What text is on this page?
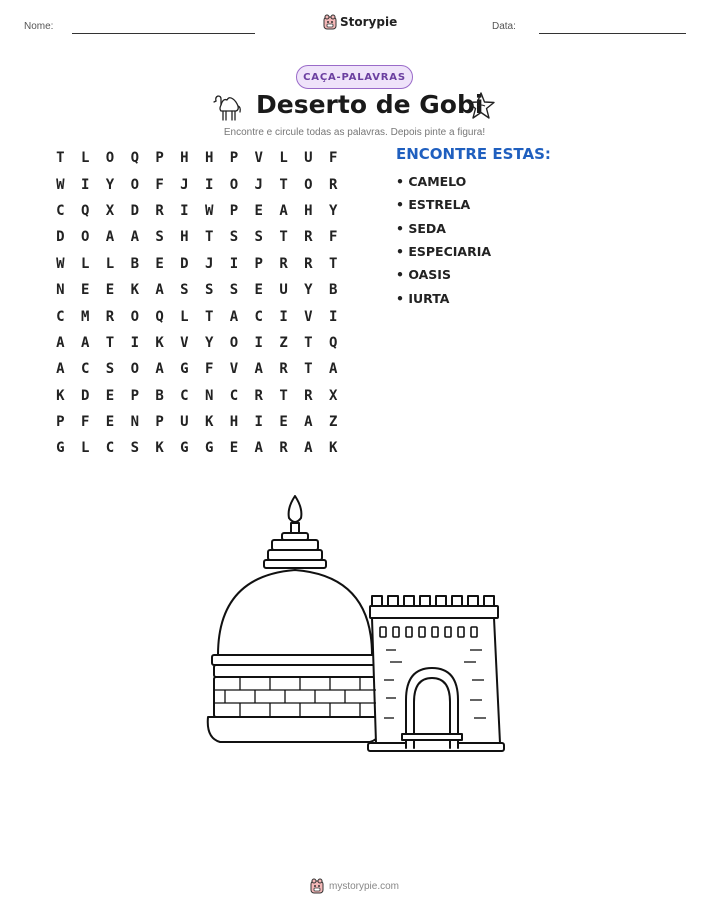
Nome:	Storypie	Data:
CAÇA-PALAVRAS
Deserto de Gobi
Encontre e circule todas as palavras. Depois pinte a figura!
T	L	O	Q	P	H	H	P	V	L	U	F
W	I	Y	O	F	J	I	O	J	T	O	R
C	Q	X	D	R	I	W	P	E	A	H	Y
D	O	A	A	S	H	T	S	S	T	R	F
W	L	L	B	E	D	J	I	P	R	R	T
N	E	E	K	A	S	S	S	E	U	Y	B
C	M	R	O	Q	L	T	A	C	I	V	I
A	A	T	I	K	V	Y	O	I	Z	T	Q
A	C	S	O	A	G	F	V	A	R	T	A
K	D	E	P	B	C	N	C	R	T	R	X
P	F	E	N	P	U	K	H	I	E	A	Z
G	L	C	S	K	G	G	E	A	R	A	K
ENCONTRE ESTAS:
• CAMELO
• ESTRELA
• SEDA
• ESPECIARIA
• OASIS
• IURTA
mystorypie.com
